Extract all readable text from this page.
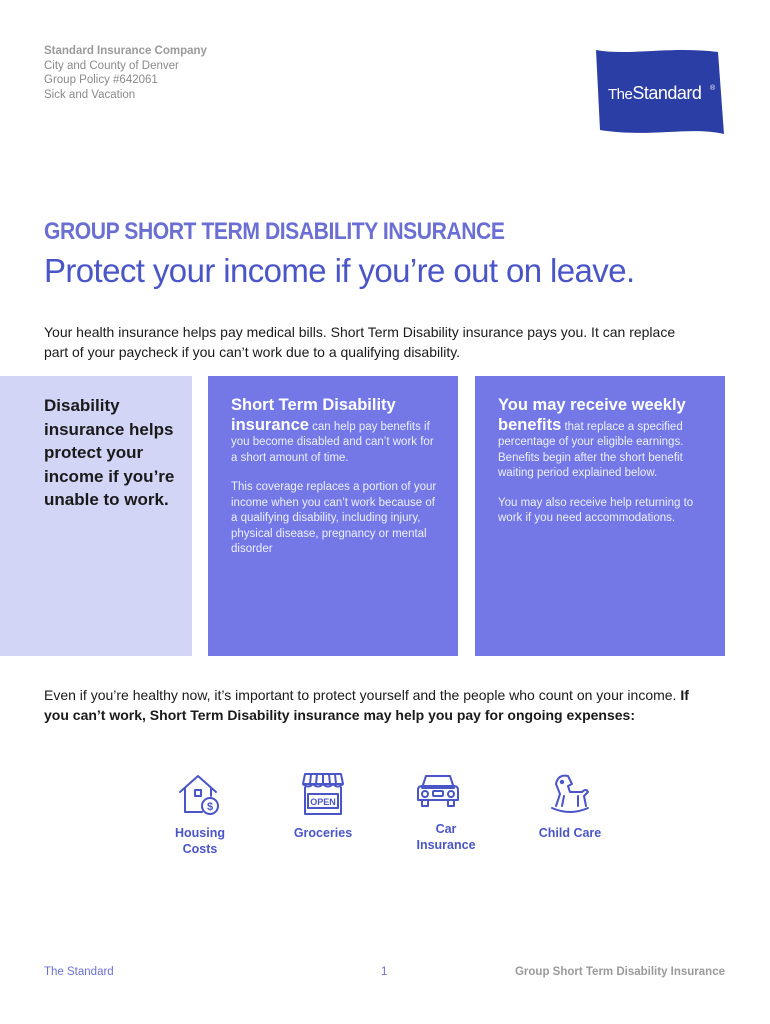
Standard Insurance Company
City and County of Denver
Group Policy #642061
Sick and Vacation	TheStandard ®
GROUP SHORT TERM DISABILITY INSURANCE
Protect your income if you’re out on leave.
Your health insurance helps pay medical bills. Short Term Disability insurance pays you. It can replace part of your paycheck if you can’t work due to a qualifying disability.
Disability insurance helps protect your income if you’re unable to work.

Short Term Disability insurance can help pay benefits if you become disabled and can’t work for a short amount of time.

This coverage replaces a portion of your income when you can’t work because of a qualifying disability, including injury, physical disease, pregnancy or mental disorder

You may receive weekly benefits that replace a specified percentage of your eligible earnings. Benefits begin after the short benefit waiting period explained below.

You may also receive help returning to work if you need accommodations.

Even if you’re healthy now, it’s important to protect yourself and the people who count on your income. If you can’t work, Short Term Disability insurance may help you pay for ongoing expenses:
$	OPEN
Housing
Costs
Groceries	Car
Insurance
Child Care
The Standard	1	Group Short Term Disability Insurance
